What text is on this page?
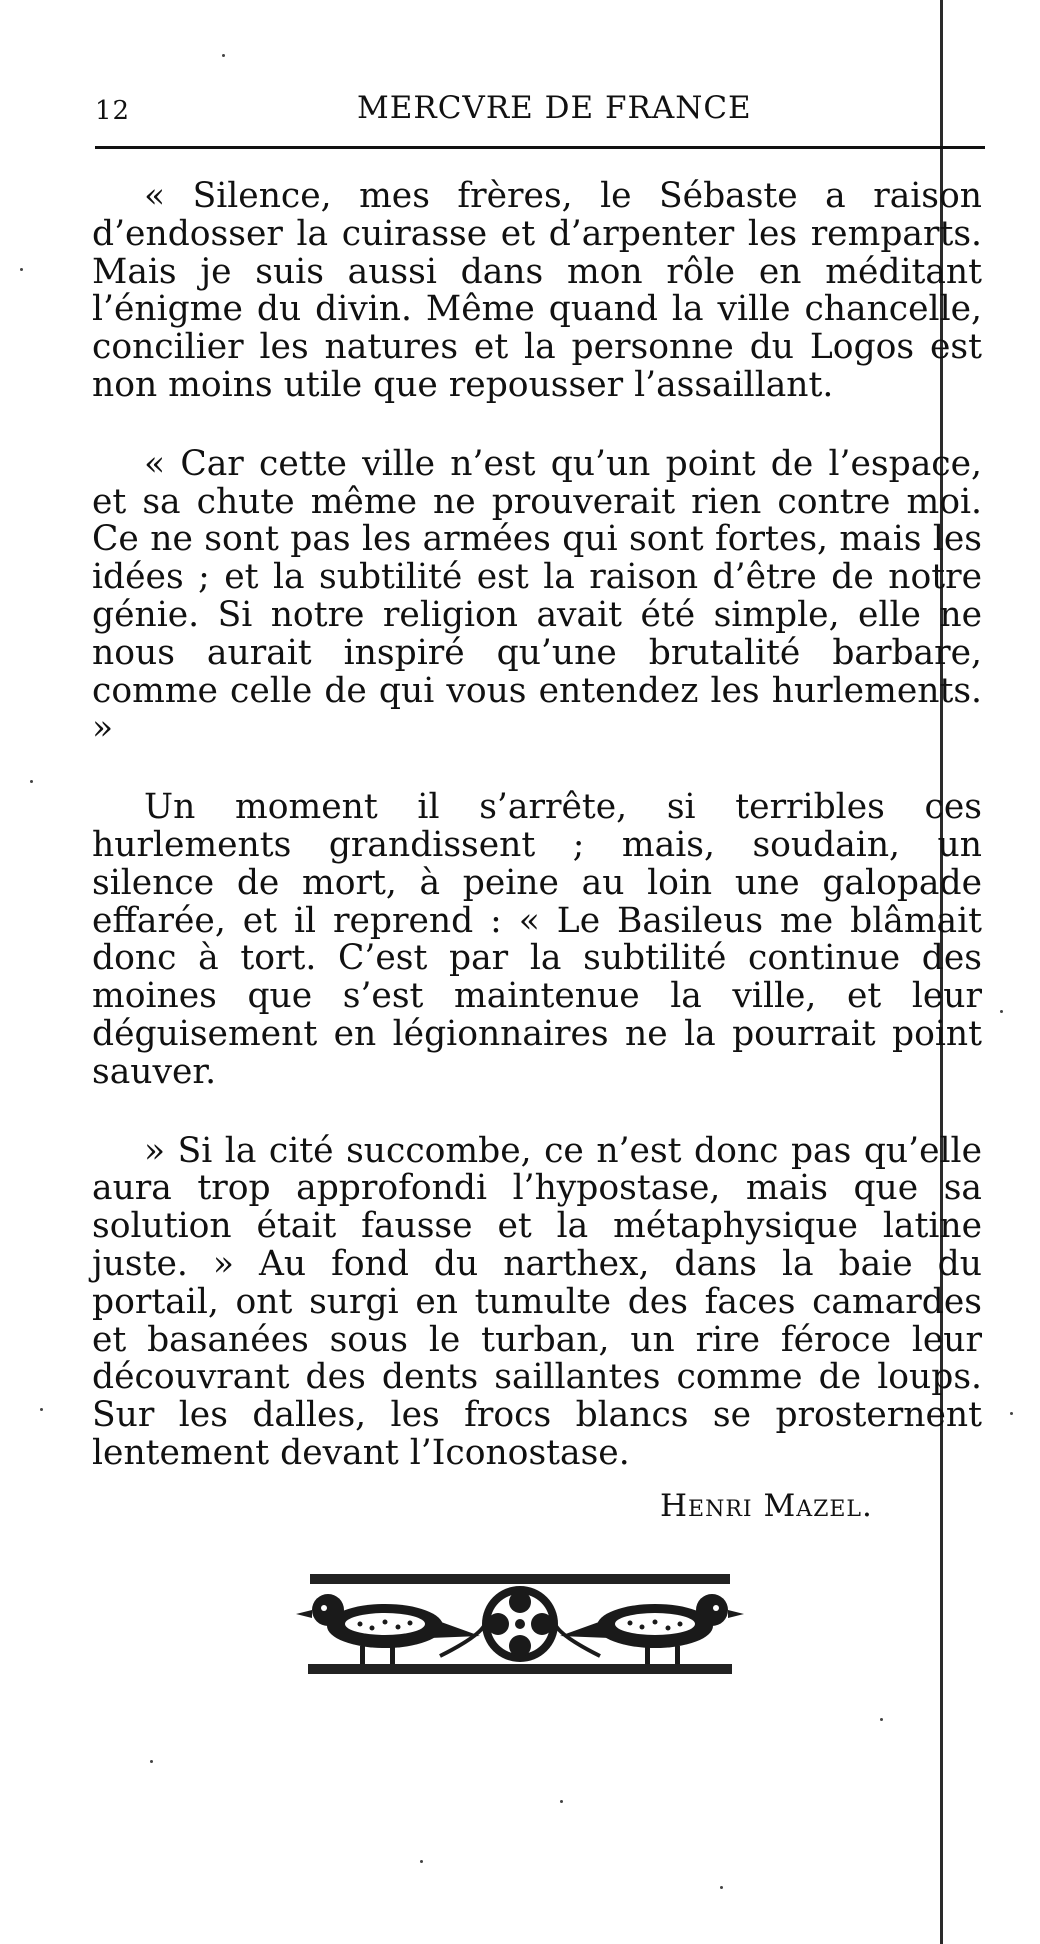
12	MERCVRE DE FRANCE

« Silence, mes frères, le Sébaste a raison d’endosser la cuirasse et d’arpenter les remparts. Mais je suis aussi dans mon rôle en méditant l’énigme du divin. Même quand la ville chancelle, concilier les natures et la personne du Logos est non moins utile que repousser l’assaillant.

« Car cette ville n’est qu’un point de l’espace, et sa chute même ne prouverait rien contre moi. Ce ne sont pas les armées qui sont fortes, mais les idées ; et la subtilité est la raison d’être de notre génie. Si notre religion avait été simple, elle ne nous aurait inspiré qu’une brutalité barbare, comme celle de qui vous entendez les hurlements. »

Un moment il s’arrête, si terribles ces hurlements grandissent ; mais, soudain, un silence de mort, à peine au loin une galopade effarée, et il reprend : « Le Basileus me blâmait donc à tort. C’est par la subtilité continue des moines que s’est maintenue la ville, et leur déguisement en légionnaires ne la pourrait point sauver.

» Si la cité succombe, ce n’est donc pas qu’elle aura trop approfondi l’hypostase, mais que sa solution était fausse et la métaphysique latine juste. » Au fond du narthex, dans la baie du portail, ont surgi en tumulte des faces camardes et basanées sous le turban, un rire féroce leur découvrant des dents saillantes comme de loups. Sur les dalles, les frocs blancs se prosternent lentement devant l’Iconostase.

Henri Mazel.
